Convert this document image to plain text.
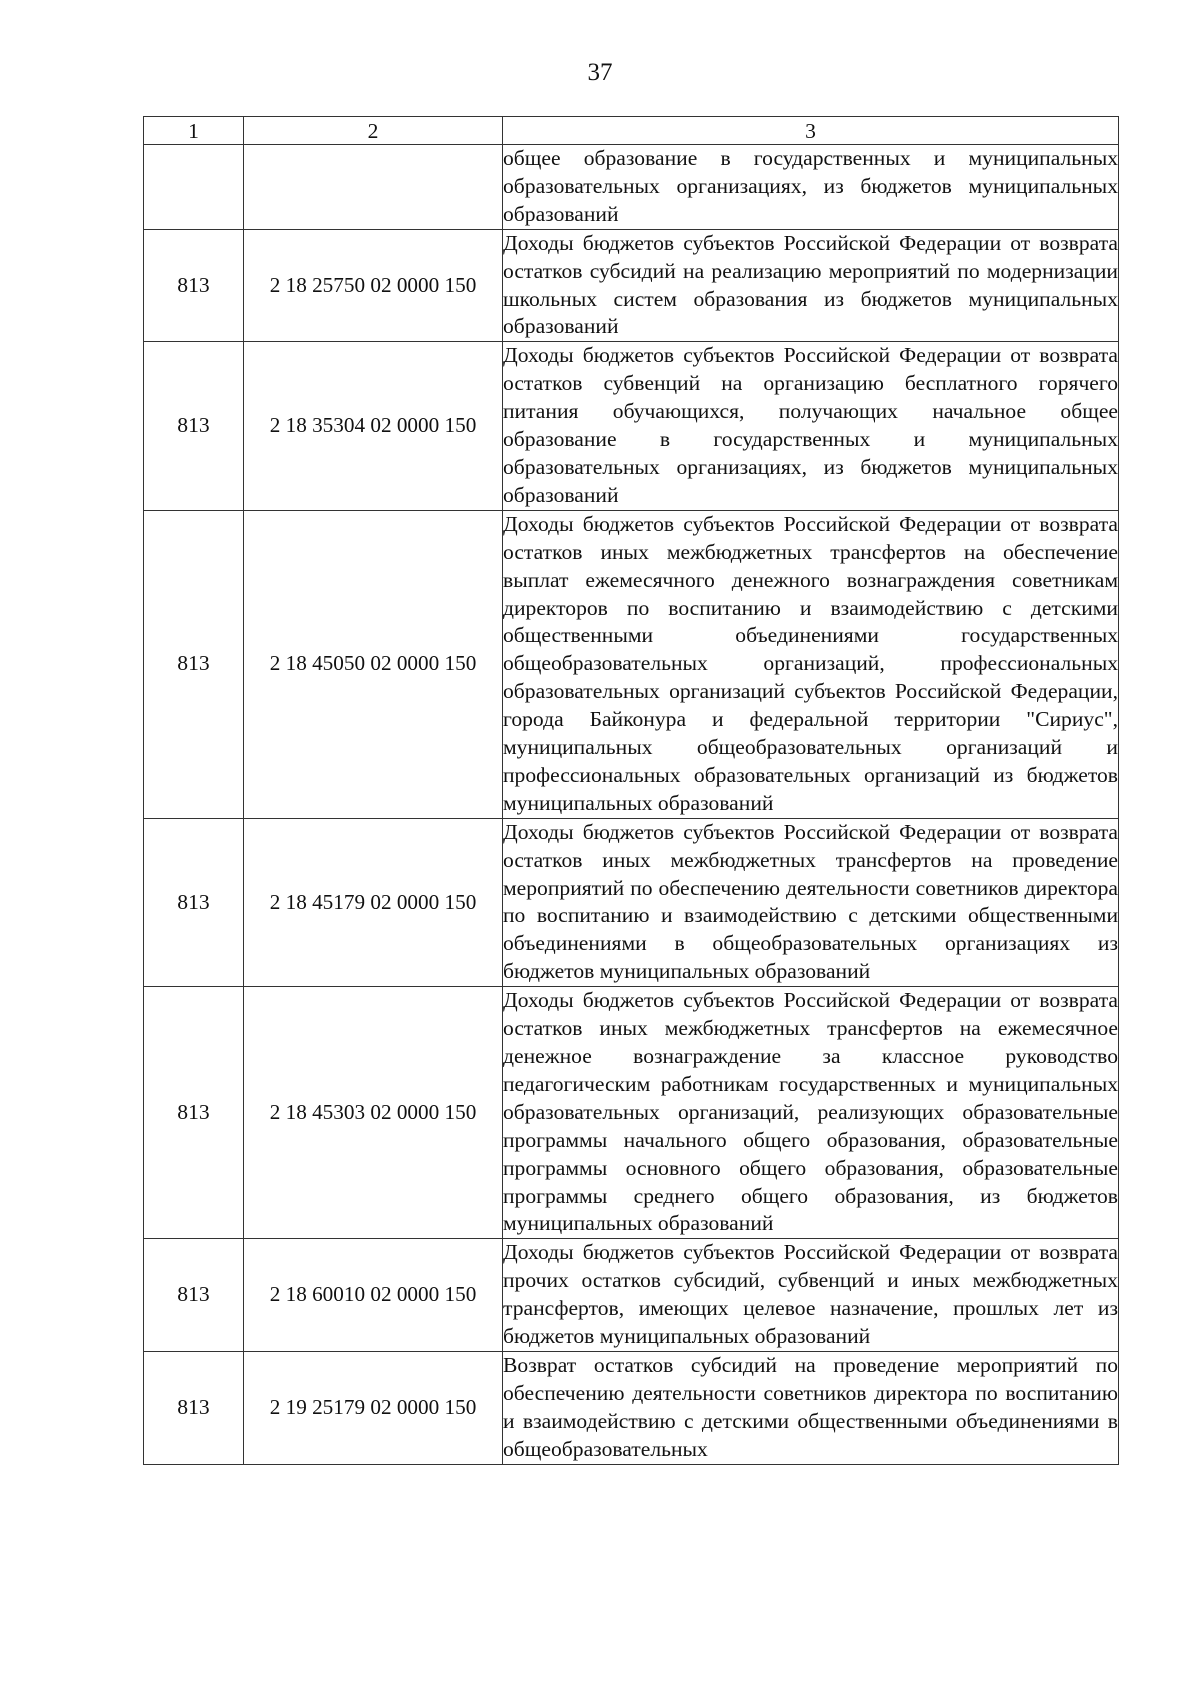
37
1	2	3
		общее образование в государственных и муниципальных образовательных организациях, из бюджетов муниципальных образований
813	2 18 25750 02 0000 150	Доходы бюджетов субъектов Российской Федерации от возврата остатков субсидий на реализацию мероприятий по модернизации школьных систем образования из бюджетов муниципальных образований
813	2 18 35304 02 0000 150	Доходы бюджетов субъектов Российской Федерации от возврата остатков субвенций на организацию бесплатного горячего питания обучающихся, получающих начальное общее образование в государственных и муниципальных образовательных организациях, из бюджетов муниципальных образований
813	2 18 45050 02 0000 150	Доходы бюджетов субъектов Российской Федерации от возврата остатков иных межбюджетных трансфертов на обеспечение выплат ежемесячного денежного вознаграждения советникам директоров по воспитанию и взаимодействию с детскими общественными объединениями государственных общеобразовательных организаций, профессиональных образовательных организаций субъектов Российской Федерации, города Байконура и федеральной территории "Сириус", муниципальных общеобразовательных организаций и профессиональных образовательных организаций из бюджетов муниципальных образований
813	2 18 45179 02 0000 150	Доходы бюджетов субъектов Российской Федерации от возврата остатков иных межбюджетных трансфертов на проведение мероприятий по обеспечению деятельности советников директора по воспитанию и взаимодействию с детскими общественными объединениями в общеобразовательных организациях из бюджетов муниципальных образований
813	2 18 45303 02 0000 150	Доходы бюджетов субъектов Российской Федерации от возврата остатков иных межбюджетных трансфертов на ежемесячное денежное вознаграждение за классное руководство педагогическим работникам государственных и муниципальных образовательных организаций, реализующих образовательные программы начального общего образования, образовательные программы основного общего образования, образовательные программы среднего общего образования, из бюджетов муниципальных образований
813	2 18 60010 02 0000 150	Доходы бюджетов субъектов Российской Федерации от возврата прочих остатков субсидий, субвенций и иных межбюджетных трансфертов, имеющих целевое назначение, прошлых лет из бюджетов муниципальных образований
813	2 19 25179 02 0000 150	Возврат остатков субсидий на проведение мероприятий по обеспечению деятельности советников директора по воспитанию и взаимодействию с детскими общественными объединениями в общеобразовательных
